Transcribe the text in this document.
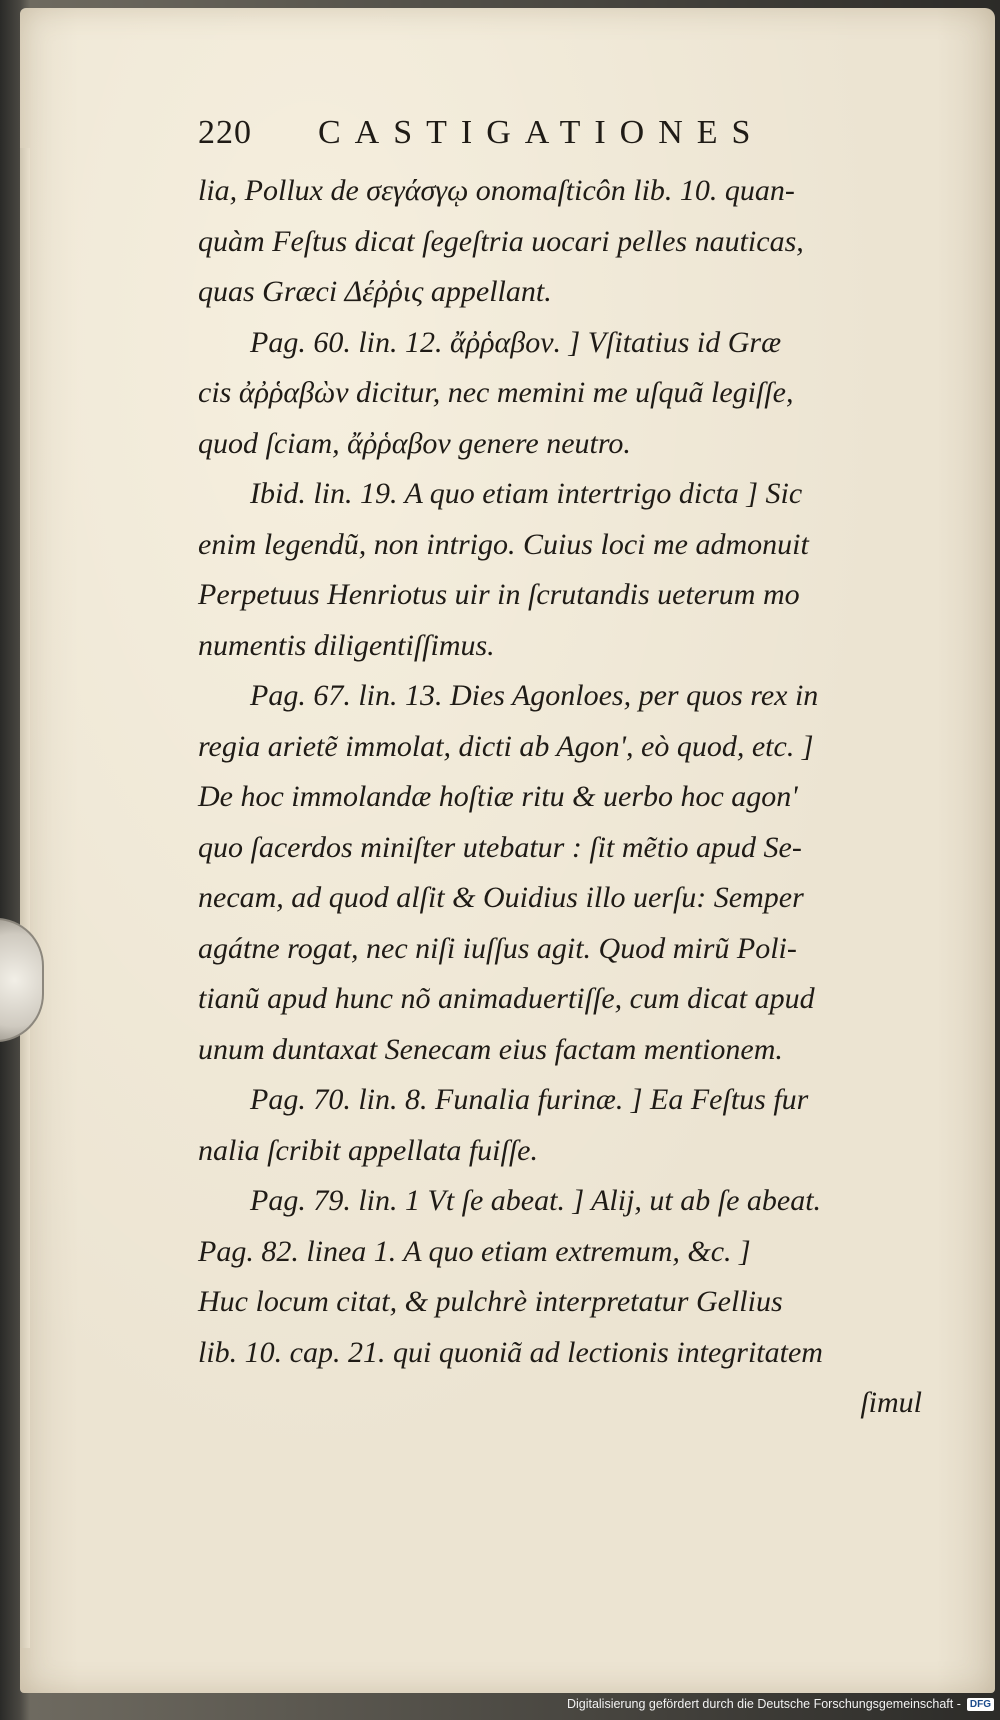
220	CASTIGATIONES

lia, Pollux de σεγάσγῳ onomaſticôn lib. 10. quan-

quàm Feſtus dicat ſegeſtria uocari pelles nauticas,

quas Græci Δέῤῥις appellant.

Pag. 60. lin. 12. ἄῤῥαβον. ] Vſitatius id Græ

cis ἀῤῥαβὼν dicitur, nec memini me uſquã legiſſe,

quod ſciam, ἄῤῥαβον genere neutro.

Ibid. lin. 19. A quo etiam intertrigo dicta ] Sic

enim legendũ, non intrigo. Cuius loci me admonuit

Perpetuus Henriotus uir in ſcrutandis ueterum mo

numentis diligentiſſimus.

Pag. 67. lin. 13. Dies Agonloes, per quos rex in

regia arietẽ immolat, dicti ab Agon', eò quod, etc. ]

De hoc immolandæ hoſtiæ ritu & uerbo hoc agon'

quo ſacerdos miniſter utebatur : ſit mẽtio apud Se-

necam, ad quod alſit & Ouidius illo uerſu: Semper

agátne rogat, nec niſi iuſſus agit. Quod mirũ Poli-

tianũ apud hunc nõ animaduertiſſe, cum dicat apud

unum duntaxat Senecam eius factam mentionem.

Pag. 70. lin. 8. Funalia furinæ. ] Ea Feſtus fur

nalia ſcribit appellata fuiſſe.

Pag. 79. lin. 1 Vt ſe abeat. ] Alij, ut ab ſe abeat.

Pag. 82. linea 1. A quo etiam extremum, &c. ]

Huc locum citat, & pulchrè interpretatur Gellius

lib. 10. cap. 21. qui quoniã ad lectionis integritatem

ſimul

Digitalisierung gefördert durch die Deutsche Forschungsgemeinschaft - DFG
